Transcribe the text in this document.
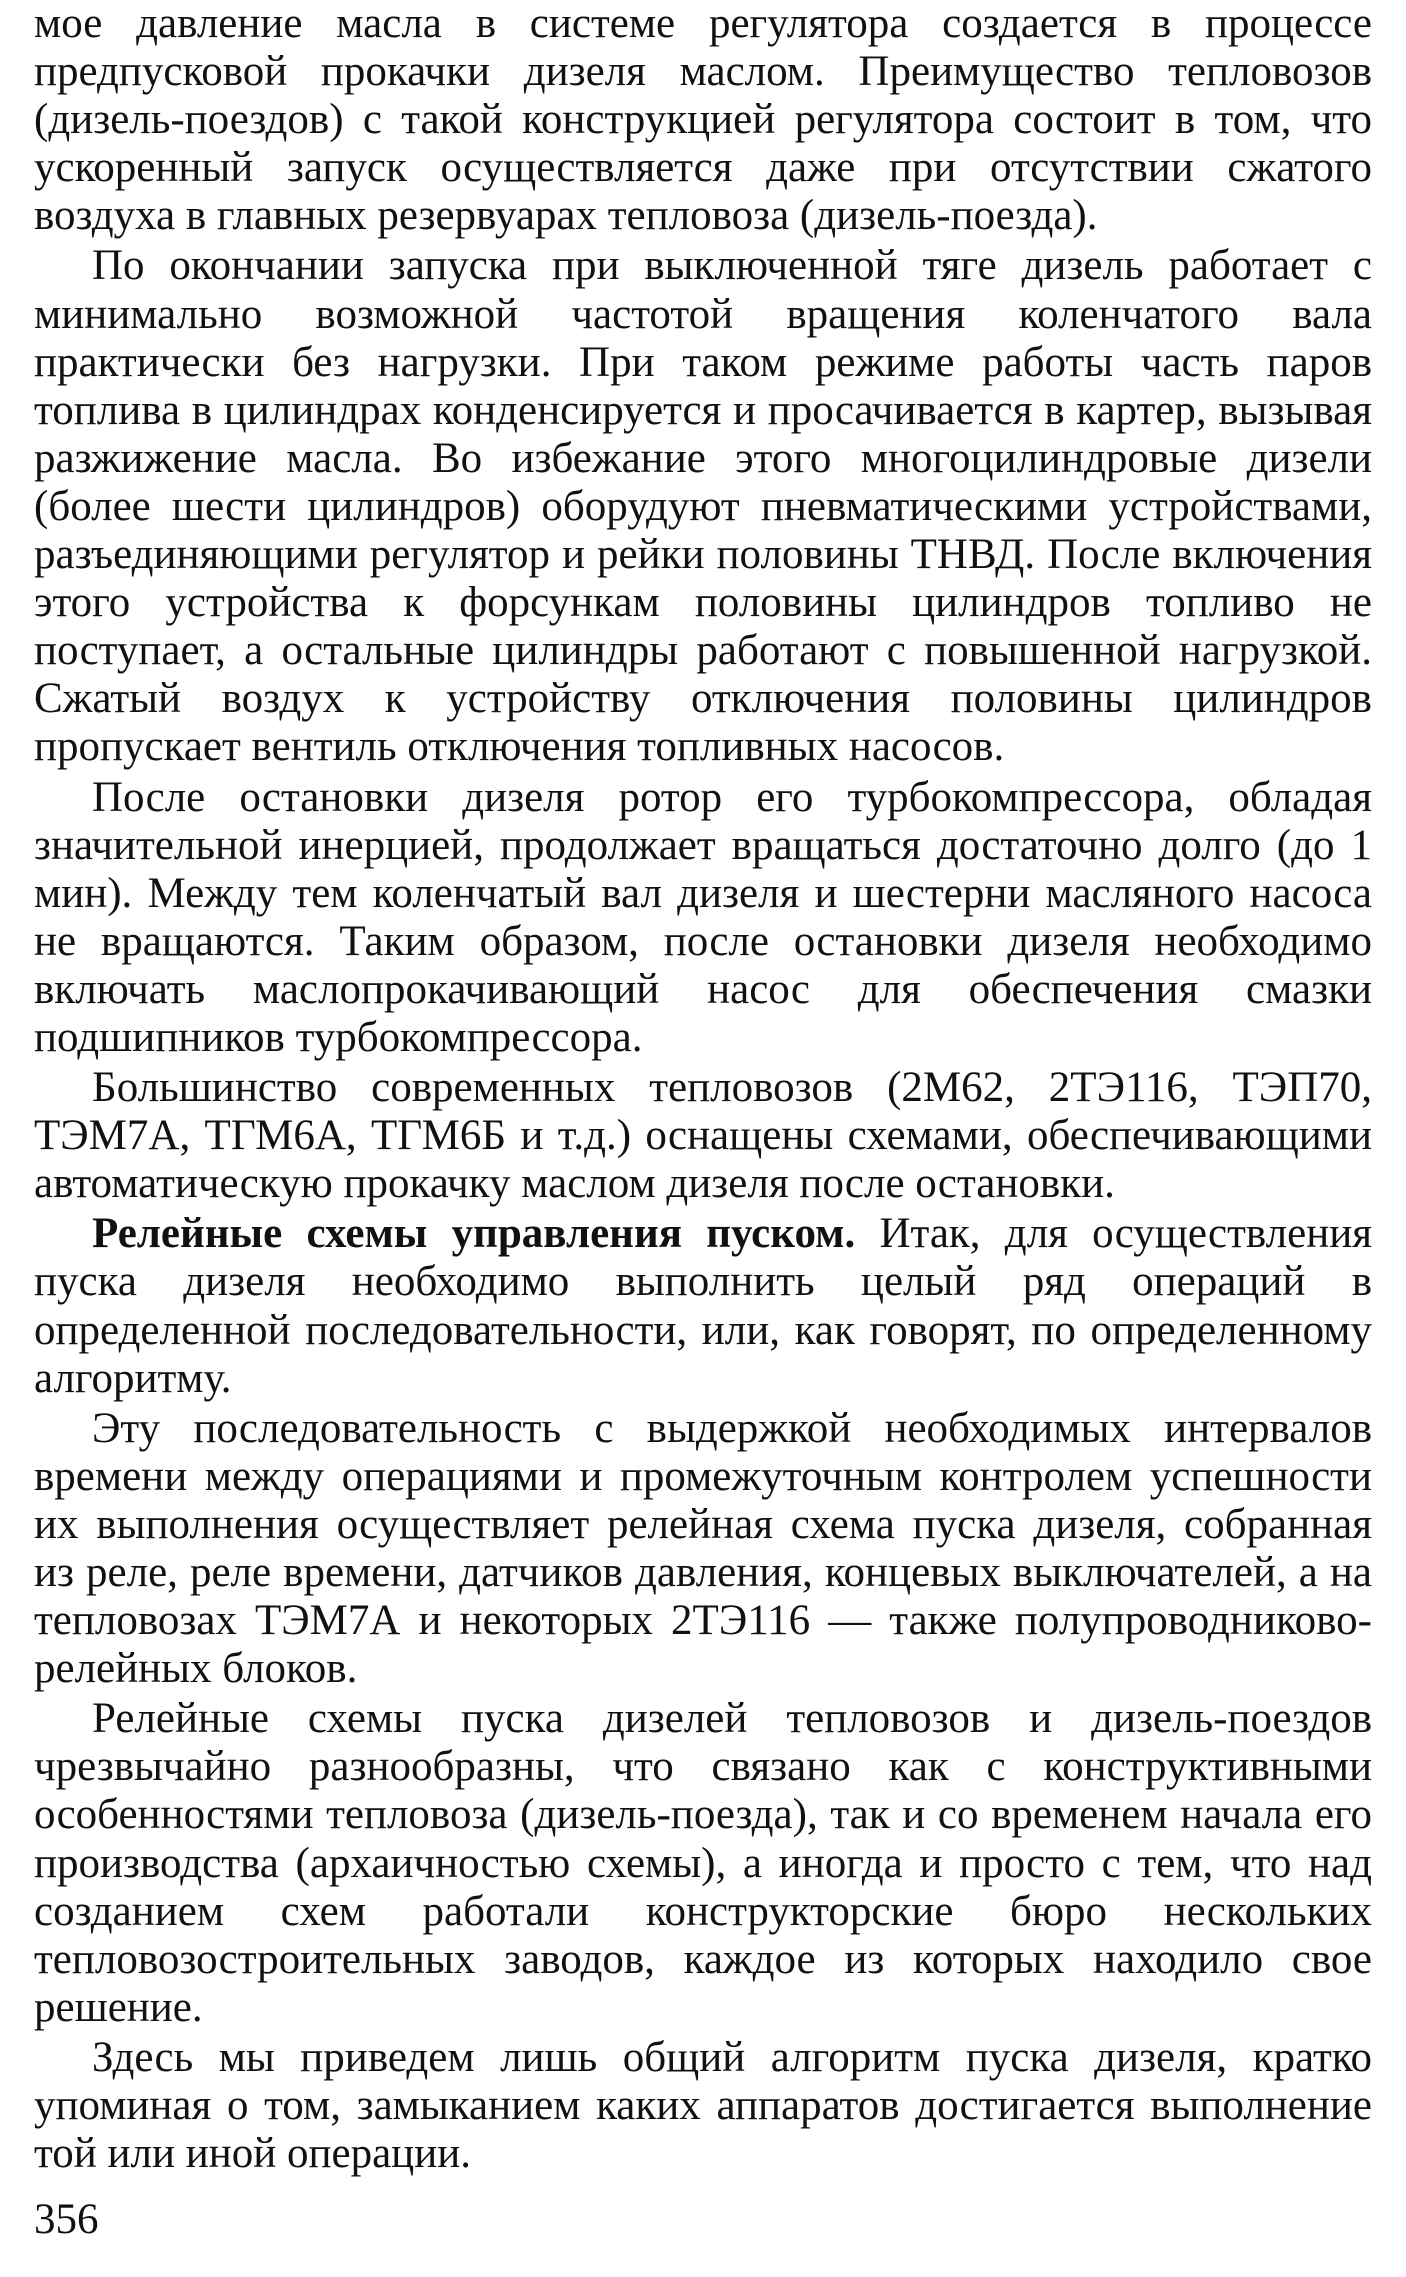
мое давление масла в системе регулятора создается в процессе предпусковой прокачки дизеля маслом. Преимущество тепловозов (дизель-поездов) с такой конструкцией регулятора состоит в том, что ускоренный запуск осуществляется даже при отсутствии сжатого воздуха в главных резервуарах тепловоза (дизель-поезда).

По окончании запуска при выключенной тяге дизель работает с минимально возможной частотой вращения коленчатого вала практически без нагрузки. При таком режиме работы часть паров топлива в цилиндрах конденсируется и просачивается в картер, вызывая разжижение масла. Во избежание этого многоцилиндровые дизели (более шести цилиндров) оборудуют пневматическими устройствами, разъединяющими регулятор и рейки половины ТНВД. После включения этого устройства к форсункам половины цилиндров топливо не поступает, а остальные цилиндры работают с повышенной нагрузкой. Сжатый воздух к устройству отключения половины цилиндров пропускает вентиль отключения топливных насосов.

После остановки дизеля ротор его турбокомпрессора, обладая значительной инерцией, продолжает вращаться достаточно долго (до 1 мин). Между тем коленчатый вал дизеля и шестерни масляного насоса не вращаются. Таким образом, после остановки дизеля необходимо включать маслопрокачивающий насос для обеспечения смазки подшипников турбокомпрессора.

Большинство современных тепловозов (2М62, 2ТЭ116, ТЭП70, ТЭМ7А, ТГМ6А, ТГМ6Б и т.д.) оснащены схемами, обеспечивающими автоматическую прокачку маслом дизеля после остановки.

Релейные схемы управления пуском. Итак, для осуществления пуска дизеля необходимо выполнить целый ряд операций в определенной последовательности, или, как говорят, по определенному алгоритму.

Эту последовательность с выдержкой необходимых интервалов времени между операциями и промежуточным контролем успешности их выполнения осуществляет релейная схема пуска дизеля, собранная из реле, реле времени, датчиков давления, концевых выключателей, а на тепловозах ТЭМ7А и некоторых 2ТЭ116 — также полупроводниково-релейных блоков.

Релейные схемы пуска дизелей тепловозов и дизель-поездов чрезвычайно разнообразны, что связано как с конструктивными особенностями тепловоза (дизель-поезда), так и со временем начала его производства (архаичностью схемы), а иногда и просто с тем, что над созданием схем работали конструкторские бюро нескольких тепловозостроительных заводов, каждое из которых находило свое решение.

Здесь мы приведем лишь общий алгоритм пуска дизеля, кратко упоминая о том, замыканием каких аппаратов достигается выполнение той или иной операции.

356
